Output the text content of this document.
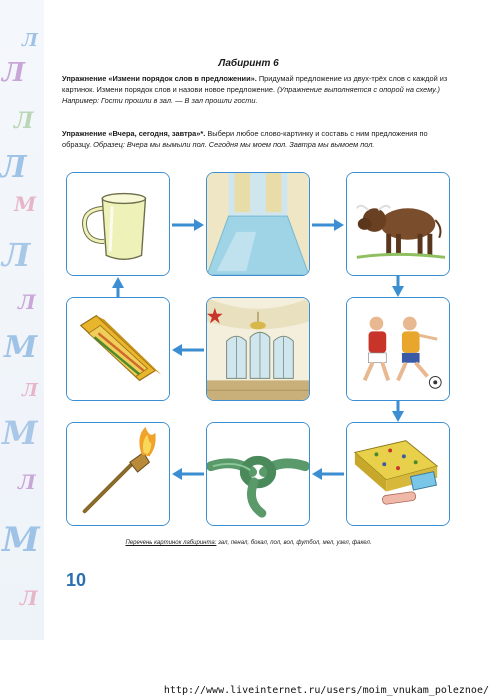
Л
Л
Л
Л
М
Л
Л
М
Л
М
Л
М
Л
Лабиринт 6
Упражнение «Измени порядок слов в предложении». Придумай предложение из двух-трёх слов с каждой из картинок. Измени порядок слов и назови новое предложение. (Упражнение выполняется с опорой на схему.) Например: Гости прошли в зал. — В зал прошли гости.
Упражнение «Вчера, сегодня, завтра»*. Выбери любое слово-картинку и составь с ним предложения по образцу. Образец: Вчера мы вымыли пол. Сегодня мы моем пол. Завтра мы вымоем пол.
Перечень картинок лабиринта: зал, пенал, бокал, пол, вол, футбол, мел, узел, факел.
10
http://www.liveinternet.ru/users/moim_vnukam_poleznoe/
